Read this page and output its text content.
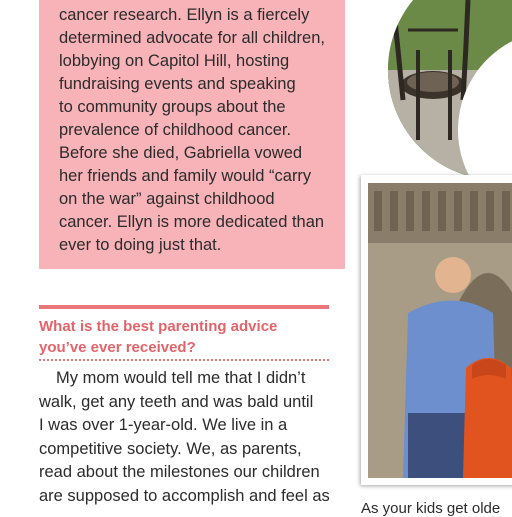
cancer research. Ellyn is a fiercely
determined advocate for all children,
lobbying on Capitol Hill, hosting
fundraising events and speaking
to community groups about the
prevalence of childhood cancer.
Before she died, Gabriella vowed
her friends and family would “carry
on the war” against childhood
cancer. Ellyn is more dedicated than
ever to doing just that.
What is the best parenting advice
you’ve ever received?
My mom would tell me that I didn’t
walk, get any teeth and was bald until
I was over 1-year-old. We live in a
competitive society. We, as parents,
read about the milestones our children
are supposed to accomplish and feel as
As your kids get olde
